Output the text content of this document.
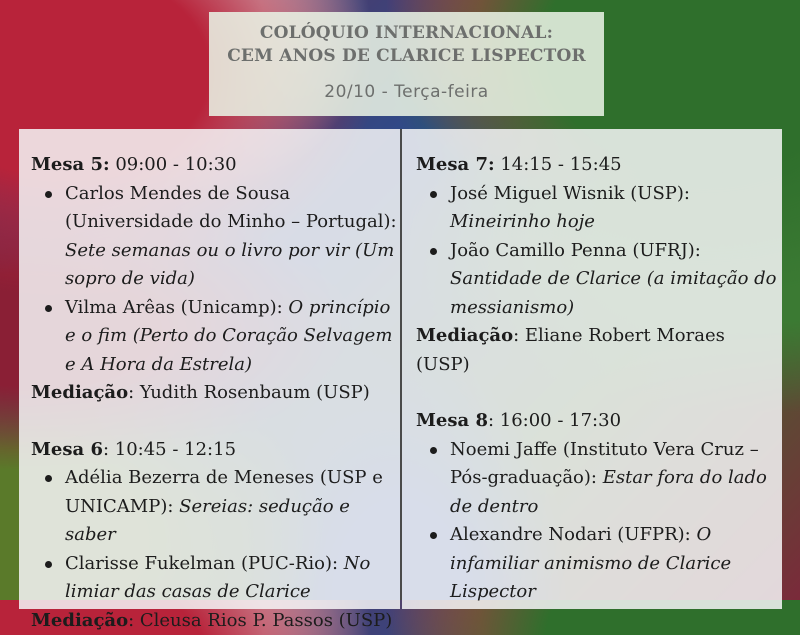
COLÓQUIO INTERNACIONAL:
CEM ANOS DE CLARICE LISPECTOR
20/10 - Terça-feira

Mesa 5: 09:00 - 10:30

Carlos Mendes de Sousa (Universidade do Minho – Portugal): Sete semanas ou o livro por vir (Um sopro de vida)
Vilma Arêas (Unicamp): O princípio e o fim (Perto do Coração Selvagem e A Hora da Estrela)

Mediação: Yudith Rosenbaum (USP)

Mesa 6: 10:45 - 12:15

Adélia Bezerra de Meneses (USP e UNICAMP): Sereias: sedução e saber
Clarisse Fukelman (PUC-Rio): No limiar das casas de Clarice

Mediação: Cleusa Rios P. Passos (USP)

Mesa 7: 14:15 - 15:45

José Miguel Wisnik (USP): Mineirinho hoje
João Camillo Penna (UFRJ): Santidade de Clarice (a imitação do messianismo)

Mediação: Eliane Robert Moraes (USP)

Mesa 8: 16:00 - 17:30

Noemi Jaffe (Instituto Vera Cruz – Pós-graduação): Estar fora do lado de dentro
Alexandre Nodari (UFPR): O infamiliar animismo de Clarice Lispector
